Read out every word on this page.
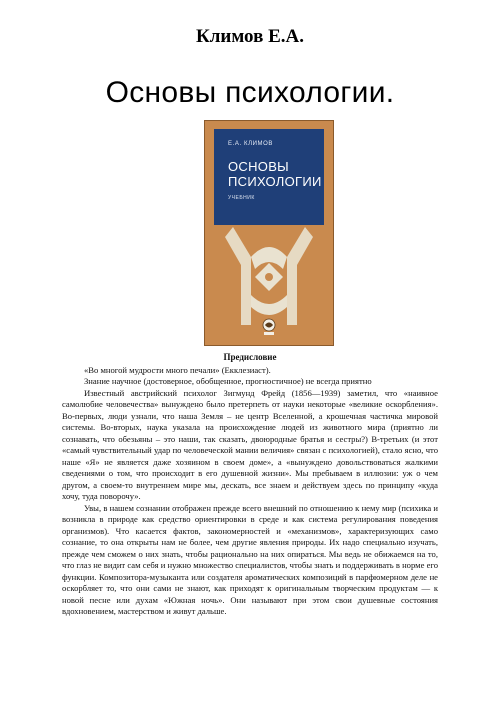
Климов Е.А.
Основы психологии.
Е.А. КЛИМОВ
ОСНОВЫ
ПСИХОЛОГИИ
УЧЕБНИК
Предисловие

«Во многой мудрости много печали» (Екклезиаст).

Знание научное (достоверное, обобщенное, прогностичное) не всегда приятно

Известный австрийский психолог Зигмунд Фрейд (1856—1939) заметил, что «наивное самолюбие человечества» вынуждено было претерпеть от науки некоторые «великие оскорбления». Во-первых, люди узнали, что наша Земля – не центр Вселенной, а крошечная частичка мировой системы. Во-вторых, наука указала на происхождение людей из животного мира (приятно ли сознавать, что обезьяны – это наши, так сказать, двоюродные братья и сестры?) В-третьих (и этот «самый чувствительный удар по человеческой мании величия» связан с психологией), стало ясно, что наше «Я» не является даже хозяином в своем доме», а «вынуждено довольствоваться жалкими сведениями о том, что происходит в его душевной жизни». Мы пребываем в иллюзии: уж о чем другом, а своем-то внутреннем мире мы, дескать, все знаем и действуем здесь по принципу «куда хочу, туда поворочу».

Увы, в нашем сознании отображен прежде всего внешний по отношению к нему мир (психика и возникла в природе как средство ориентировки в среде и как система регулирования поведения организмов). Что касается фактов, закономерностей и «механизмов», характеризующих само сознание, то она открыты нам не более, чем другие явления природы. Их надо специально изучать, прежде чем сможем о них знать, чтобы рационально на них опираться. Мы ведь не обижаемся на то, что глаз не видит сам себя и нужно множество специалистов, чтобы знать и поддерживать в норме его функции. Композитора-музыканта или создателя ароматических композиций в парфюмерном деле не оскорбляет то, что они сами не знают, как приходят к оригинальным творческим продуктам — к новой песне или духам «Южная ночь». Они называют при этом свои душевные состояния вдохновением, мастерством и живут дальше.
